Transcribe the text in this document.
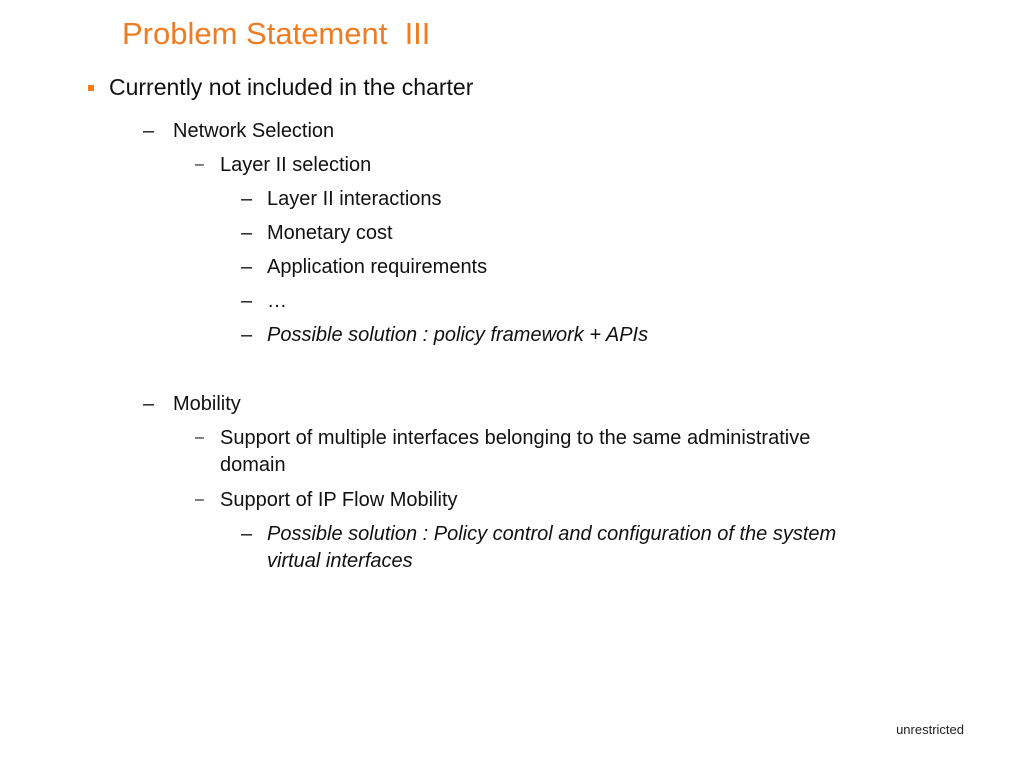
Problem Statement  III
Currently not included in the charter
– Network Selection
– Layer II selection
– Layer II interactions
– Monetary cost
– Application requirements
– …
– Possible solution : policy framework + APIs
– Mobility
– Support of multiple interfaces belonging to the same administrative
domain
– Support of IP Flow Mobility
– Possible solution : Policy control and configuration of the system
virtual interfaces
unrestricted
